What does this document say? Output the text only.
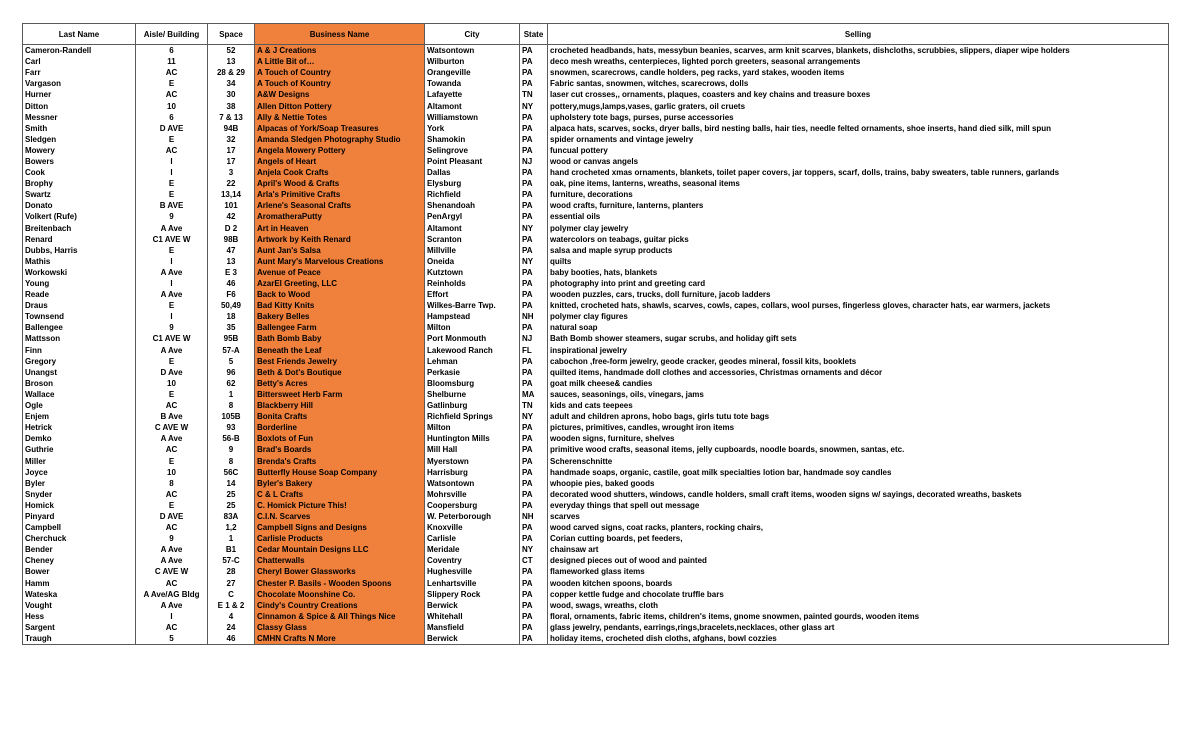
Last Name	Aisle/ Building	Space	Business Name	City	State	Selling
Cameron-Randell	6	52	A & J Creations	Watsontown	PA	crocheted headbands, hats, messybun beanies, scarves, arm knit scarves, blankets, dishcloths, scrubbies, slippers, diaper wipe holders
Carl	11	13	A Little Bit of…	Wilburton	PA	deco mesh wreaths, centerpieces, lighted porch greeters, seasonal arrangements
Farr	AC	28 & 29	A Touch of Country	Orangeville	PA	snowmen, scarecrows, candle holders, peg racks, yard stakes, wooden items
Vargason	E	34	A Touch of Kountry	Towanda	PA	Fabric santas, snowmen, witches, scarecrows, dolls
Hurner	AC	30	A&W Designs	Lafayette	TN	laser cut crosses,, ornaments, plaques, coasters and key chains and treasure boxes
Ditton	10	38	Allen Ditton Pottery	Altamont	NY	pottery,mugs,lamps,vases, garlic graters, oil cruets
Messner	6	7 & 13	Ally & Nettie Totes	Williamstown	PA	upholstery tote bags, purses, purse accessories
Smith	D AVE	94B	Alpacas of York/Soap Treasures	York	PA	alpaca hats, scarves, socks, dryer balls, bird nesting balls, hair ties, needle felted ornaments, shoe inserts, hand died silk, mill spun
Sledgen	E	32	Amanda Sledgen Photography Studio	Shamokin	PA	spider ornaments and vintage jewelry
Mowery	AC	17	Angela Mowery Pottery	Selingrove	PA	funcual pottery
Bowers	I	17	Angels of Heart	Point Pleasant	NJ	wood or canvas angels
Cook	I	3	Anjela Cook Crafts	Dallas	PA	hand crocheted xmas ornaments, blankets, toilet paper covers, jar toppers, scarf, dolls, trains, baby sweaters, table runners, garlands
Brophy	E	22	April's Wood & Crafts	Elysburg	PA	oak, pine items, lanterns, wreaths, seasonal items
Swartz	E	13,14	Arla's Primitive Crafts	Richfield	PA	furniture, decorations
Donato	B AVE	101	Arlene's Seasonal Crafts	Shenandoah	PA	wood crafts, furniture, lanterns, planters
Volkert (Rufe)	9	42	AromatheraPutty	PenArgyl	PA	essential oils
Breitenbach	A Ave	D 2	Art in Heaven	Altamont	NY	polymer clay jewelry
Renard	C1 AVE W	98B	Artwork by Keith Renard	Scranton	PA	watercolors on teabags, guitar picks
Dubbs, Harris	E	47	Aunt Jan's Salsa	Millville	PA	salsa and maple syrup products
Mathis	I	13	Aunt Mary's Marvelous Creations	Oneida	NY	quilts
Workowski	A Ave	E 3	Avenue of Peace	Kutztown	PA	baby booties, hats, blankets
Young	I	46	AzarEl Greeting, LLC	Reinholds	PA	photography into print and greeting card
Reade	A Ave	F6	Back to Wood	Effort	PA	wooden puzzles, cars, trucks, doll furniture, jacob ladders
Draus	E	50,49	Bad Kitty Knits	Wilkes-Barre Twp.	PA	knitted, crocheted hats, shawls, scarves, cowls, capes, collars, wool purses, fingerless gloves, character hats, ear warmers, jackets
Townsend	I	18	Bakery Belles	Hampstead	NH	polymer clay figures
Ballengee	9	35	Ballengee Farm	Milton	PA	natural soap
Mattsson	C1 AVE W	95B	Bath Bomb Baby	Port Monmouth	NJ	Bath Bomb shower steamers, sugar scrubs, and holiday gift sets
Finn	A Ave	57-A	Beneath the Leaf	Lakewood Ranch	FL	inspirational jewelry
Gregory	E	5	Best Friends Jewelry	Lehman	PA	cabochon ,free-form jewelry, geode cracker, geodes mineral, fossil kits, booklets
Unangst	D Ave	96	Beth & Dot's Boutique	Perkasie	PA	quilted items, handmade doll clothes and accessories, Christmas ornaments and décor
Broson	10	62	Betty's Acres	Bloomsburg	PA	goat milk cheese& candies
Wallace	E	1	Bittersweet Herb Farm	Shelburne	MA	sauces, seasonings, oils, vinegars, jams
Ogle	AC	8	Blackberry Hill	Gatlinburg	TN	kids and cats teepees
Enjem	B Ave	105B	Bonita Crafts	Richfield Springs	NY	adult and children aprons, hobo bags, girls tutu tote bags
Hetrick	C AVE W	93	Borderline	Milton	PA	pictures, primitives, candles, wrought iron items
Demko	A Ave	56-B	Boxlots of Fun	Huntington Mills	PA	wooden signs, furniture, shelves
Guthrie	AC	9	Brad's Boards	Mill Hall	PA	primitive wood crafts, seasonal items, jelly cupboards, noodle boards, snowmen, santas, etc.
Miller	E	8	Brenda's Crafts	Myerstown	PA	Scherenschnitte
Joyce	10	56C	Butterfly House Soap Company	Harrisburg	PA	handmade soaps, organic, castile, goat milk specialties lotion bar, handmade soy candles
Byler	8	14	Byler's Bakery	Watsontown	PA	whoopie pies, baked goods
Snyder	AC	25	C & L Crafts	Mohrsville	PA	decorated wood shutters, windows, candle holders, small craft items, wooden signs w/ sayings, decorated wreaths, baskets
Homick	E	25	C. Homick Picture This!	Coopersburg	PA	everyday things that spell out message
Pinyard	D AVE	83A	C.I.N. Scarves	W. Peterborough	NH	scarves
Campbell	AC	1,2	Campbell Signs and Designs	Knoxville	PA	wood carved signs, coat racks, planters, rocking chairs,
Cherchuck	9	1	Carlisle Products	Carlisle	PA	Corian cutting boards, pet feeders,
Bender	A Ave	B1	Cedar Mountain Designs LLC	Meridale	NY	chainsaw art
Cheney	A Ave	57-C	Chatterwalls	Coventry	CT	designed pieces out of wood and painted
Bower	C AVE W	28	Cheryl Bower Glassworks	Hughesville	PA	flameworked glass items
Hamm	AC	27	Chester P. Basils - Wooden Spoons	Lenhartsville	PA	wooden kitchen spoons, boards
Wateska	A Ave/AG Bldg	C	Chocolate Moonshine Co.	Slippery Rock	PA	copper kettle fudge and chocolate truffle bars
Vought	A Ave	E 1 & 2	Cindy's Country Creations	Berwick	PA	wood, swags, wreaths, cloth
Hess	I	4	Cinnamon & Spice & All Things Nice	Whitehall	PA	floral, ornaments, fabric items, children's items, gnome snowmen, painted gourds, wooden items
Sargent	AC	24	Classy Glass	Mansfield	PA	glass jewelry, pendants, earrings,rings,bracelets,necklaces, other glass art
Traugh	5	46	CMHN Crafts N More	Berwick	PA	holiday items, crocheted dish cloths, afghans, bowl cozzies
